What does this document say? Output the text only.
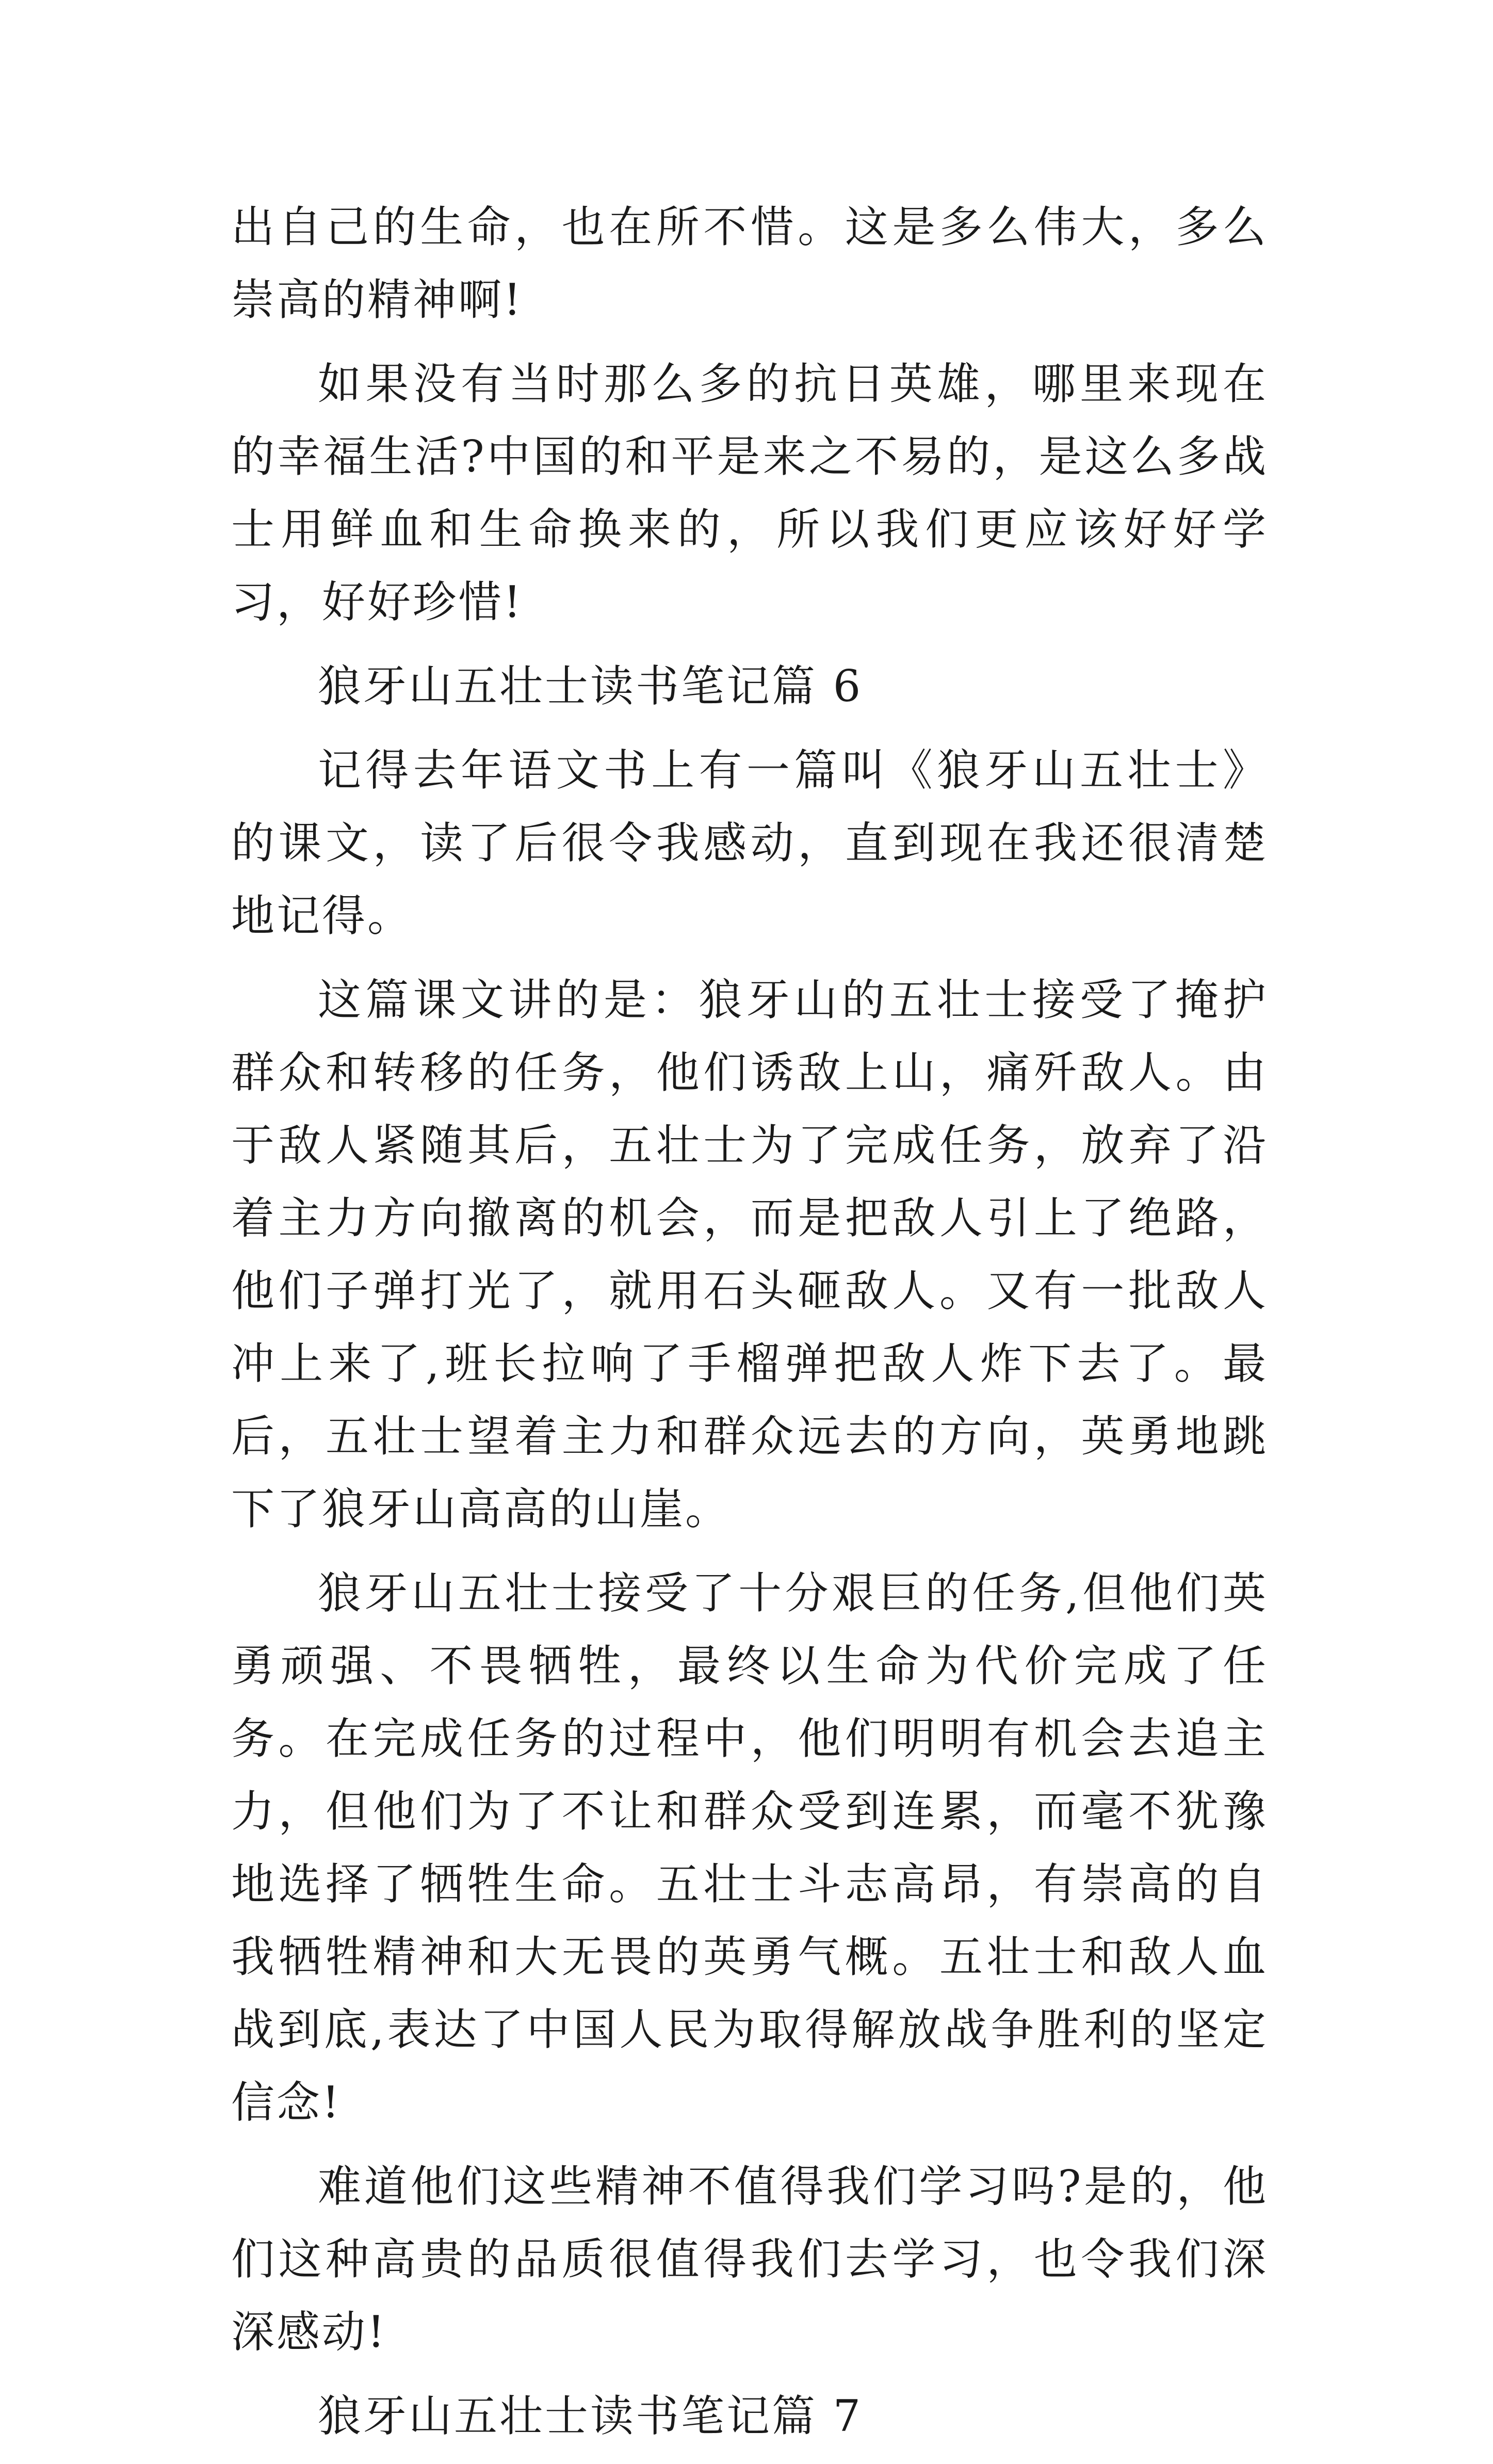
出自己的生命，也在所不惜。这是多么伟大，多么崇高的精神啊!

如果没有当时那么多的抗日英雄，哪里来现在的幸福生活?中国的和平是来之不易的，是这么多战士用鲜血和生命换来的，所以我们更应该好好学习，好好珍惜!

狼牙山五壮士读书笔记篇 6

记得去年语文书上有一篇叫《狼牙山五壮士》的课文，读了后很令我感动，直到现在我还很清楚地记得。

这篇课文讲的是：狼牙山的五壮士接受了掩护群众和转移的任务，他们诱敌上山，痛歼敌人。由于敌人紧随其后，五壮士为了完成任务，放弃了沿着主力方向撤离的机会，而是把敌人引上了绝路，他们子弹打光了，就用石头砸敌人。又有一批敌人冲上来了,班长拉响了手榴弹把敌人炸下去了。最后，五壮士望着主力和群众远去的方向，英勇地跳下了狼牙山高高的山崖。

狼牙山五壮士接受了十分艰巨的任务,但他们英勇顽强、不畏牺牲，最终以生命为代价完成了任务。在完成任务的过程中，他们明明有机会去追主力，但他们为了不让和群众受到连累，而毫不犹豫地选择了牺牲生命。五壮士斗志高昂，有崇高的自我牺牲精神和大无畏的英勇气概。五壮士和敌人血战到底,表达了中国人民为取得解放战争胜利的坚定信念!

难道他们这些精神不值得我们学习吗?是的，他们这种高贵的品质很值得我们去学习，也令我们深深感动!

狼牙山五壮士读书笔记篇 7
